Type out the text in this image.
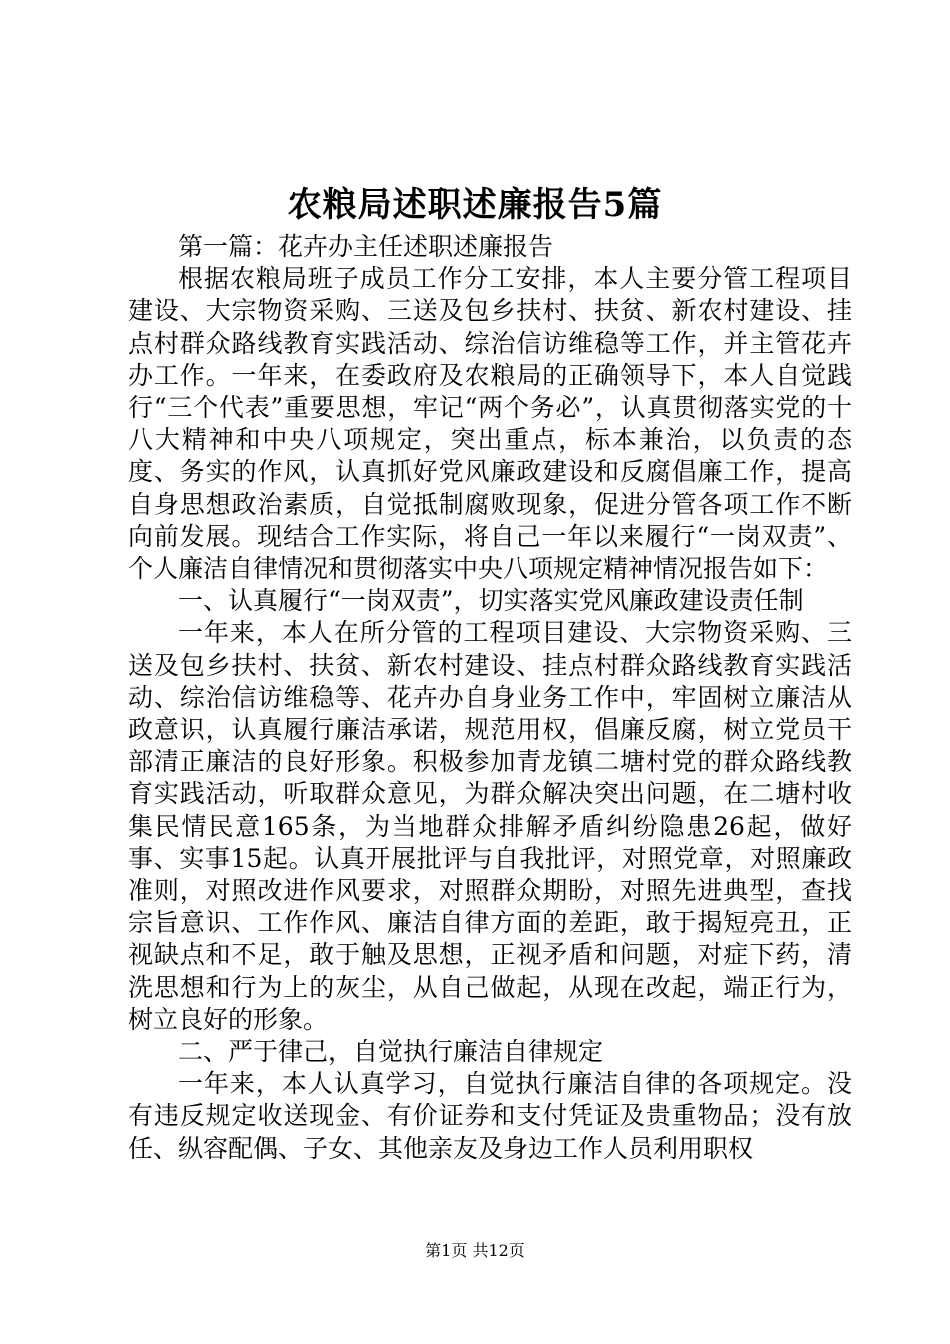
农粮局述职述廉报告5篇

第一篇：花卉办主任述职述廉报告

根据农粮局班子成员工作分工安排，本人主要分管工程项目建设、大宗物资采购、三送及包乡扶村、扶贫、新农村建设、挂点村群众路线教育实践活动、综治信访维稳等工作，并主管花卉办工作。一年来，在委政府及农粮局的正确领导下，本人自觉践行“三个代表”重要思想，牢记“两个务必”，认真贯彻落实党的十八大精神和中央八项规定，突出重点，标本兼治，以负责的态度、务实的作风，认真抓好党风廉政建设和反腐倡廉工作，提高自身思想政治素质，自觉抵制腐败现象，促进分管各项工作不断向前发展。现结合工作实际，将自己一年以来履行“一岗双责”、个人廉洁自律情况和贯彻落实中央八项规定精神情况报告如下：

一、认真履行“一岗双责”，切实落实党风廉政建设责任制

一年来，本人在所分管的工程项目建设、大宗物资采购、三送及包乡扶村、扶贫、新农村建设、挂点村群众路线教育实践活动、综治信访维稳等、花卉办自身业务工作中，牢固树立廉洁从政意识，认真履行廉洁承诺，规范用权，倡廉反腐，树立党员干部清正廉洁的良好形象。积极参加青龙镇二塘村党的群众路线教育实践活动，听取群众意见，为群众解决突出问题，在二塘村收集民情民意165条，为当地群众排解矛盾纠纷隐患26起，做好事、实事15起。认真开展批评与自我批评，对照党章，对照廉政准则，对照改进作风要求，对照群众期盼，对照先进典型，查找宗旨意识、工作作风、廉洁自律方面的差距，敢于揭短亮丑，正视缺点和不足，敢于触及思想，正视矛盾和问题，对症下药，清洗思想和行为上的灰尘，从自己做起，从现在改起，端正行为，树立良好的形象。

二、严于律己，自觉执行廉洁自律规定

一年来，本人认真学习，自觉执行廉洁自律的各项规定。没有违反规定收送现金、有价证券和支付凭证及贵重物品；没有放任、纵容配偶、子女、其他亲友及身边工作人员利用职权

第1页 共12页
